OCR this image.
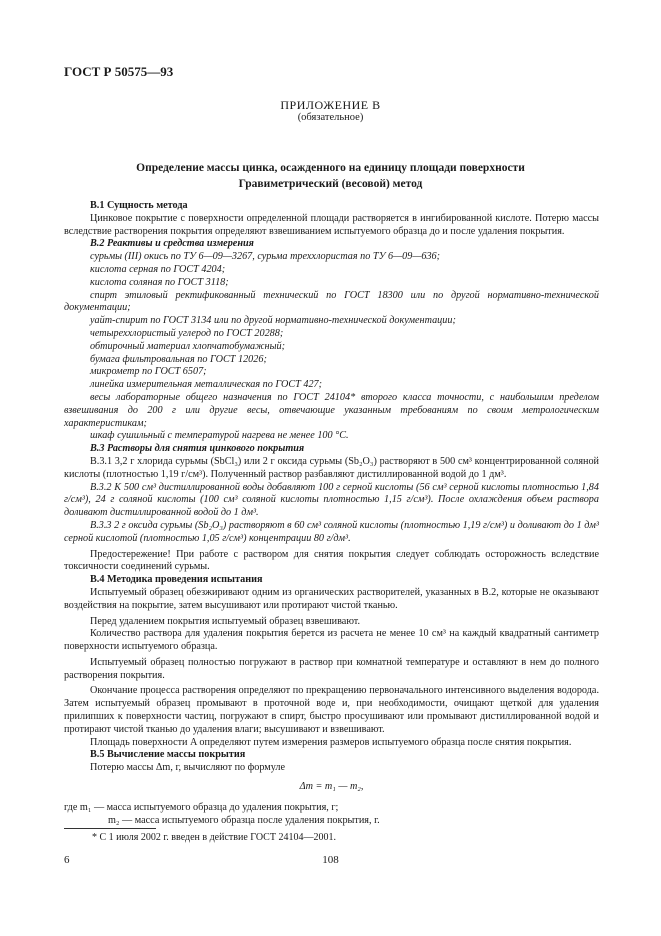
ГОСТ Р 50575—93
ПРИЛОЖЕНИЕ В
(обязательное)
Определение массы цинка, осажденного на единицу площади поверхности
Гравиметрический (весовой) метод

В.1 Сущность метода

Цинковое покрытие с поверхности определенной площади растворяется в ингибированной кислоте. Потерю массы вследствие растворения покрытия определяют взвешиванием испытуемого образца до и после удаления покрытия.

В.2 Реактивы и средства измерения

сурьмы (III) окись по ТУ 6—09—3267, сурьма треххлористая по ТУ 6—09—636;

кислота серная по ГОСТ 4204;

кислота соляная по ГОСТ 3118;

спирт этиловый ректификованный технический по ГОСТ 18300 или по другой нормативно-технической документации;

уайт-спирит по ГОСТ 3134 или по другой нормативно-технической документации;

четыреххлористый углерод по ГОСТ 20288;

обтирочный материал хлопчатобумажный;

бумага фильтровальная по ГОСТ 12026;

микрометр по ГОСТ 6507;

линейка измерительная металлическая по ГОСТ 427;

весы лабораторные общего назначения по ГОСТ 24104* второго класса точности, с наибольшим пределом взвешивания до 200 г или другие весы, отвечающие указанным требованиям по своим метрологическим характеристикам;

шкаф сушильный с температурой нагрева не менее 100 °С.

В.3 Растворы для снятия цинкового покрытия

В.3.1 3,2 г хлорида сурьмы (SbCl₃) или 2 г оксида сурьмы (Sb₂O₃) растворяют в 500 см³ концентрированной соляной кислоты (плотностью 1,19 г/см³). Полученный раствор разбавляют дистиллированной водой до 1 дм³.

В.3.2 К 500 см³ дистиллированной воды добавляют 100 г серной кислоты (56 см³ серной кислоты плотностью 1,84 г/см³), 24 г соляной кислоты (100 см³ соляной кислоты плотностью 1,15 г/см³). После охлаждения объем раствора доливают дистиллированной водой до 1 дм³.

В.3.3 2 г оксида сурьмы (Sb₂O₃) растворяют в 60 см³ соляной кислоты (плотностью 1,19 г/см³) и доливают до 1 дм³ серной кислотой (плотностью 1,05 г/см³) концентрации 80 г/дм³.

Предостережение! При работе с раствором для снятия покрытия следует соблюдать осторожность вследствие токсичности соединений сурьмы.

В.4 Методика проведения испытания

Испытуемый образец обезжиривают одним из органических растворителей, указанных в В.2, которые не оказывают воздействия на покрытие, затем высушивают или протирают чистой тканью.

Перед удалением покрытия испытуемый образец взвешивают.

Количество раствора для удаления покрытия берется из расчета не менее 10 см³ на каждый квадратный сантиметр поверхности испытуемого образца.

Испытуемый образец полностью погружают в раствор при комнатной температуре и оставляют в нем до полного растворения покрытия.

Окончание процесса растворения определяют по прекращению первоначального интенсивного выделения водорода. Затем испытуемый образец промывают в проточной воде и, при необходимости, очищают щеткой для удаления прилипших к поверхности частиц, погружают в спирт, быстро просушивают или промывают дистиллированной водой и протирают чистой тканью до удаления влаги; высушивают и взвешивают.

Площадь поверхности A определяют путем измерения размеров испытуемого образца после снятия покрытия.

В.5 Вычисление массы покрытия

Потерю массы Δm, г, вычисляют по формуле

Δm = m₁ — m₂,

где m₁ — масса испытуемого образца до удаления покрытия, г;

m₂ — масса испытуемого образца после удаления покрытия, г.

* С 1 июля 2002 г. введен в действие ГОСТ 24104—2001.
6	108
